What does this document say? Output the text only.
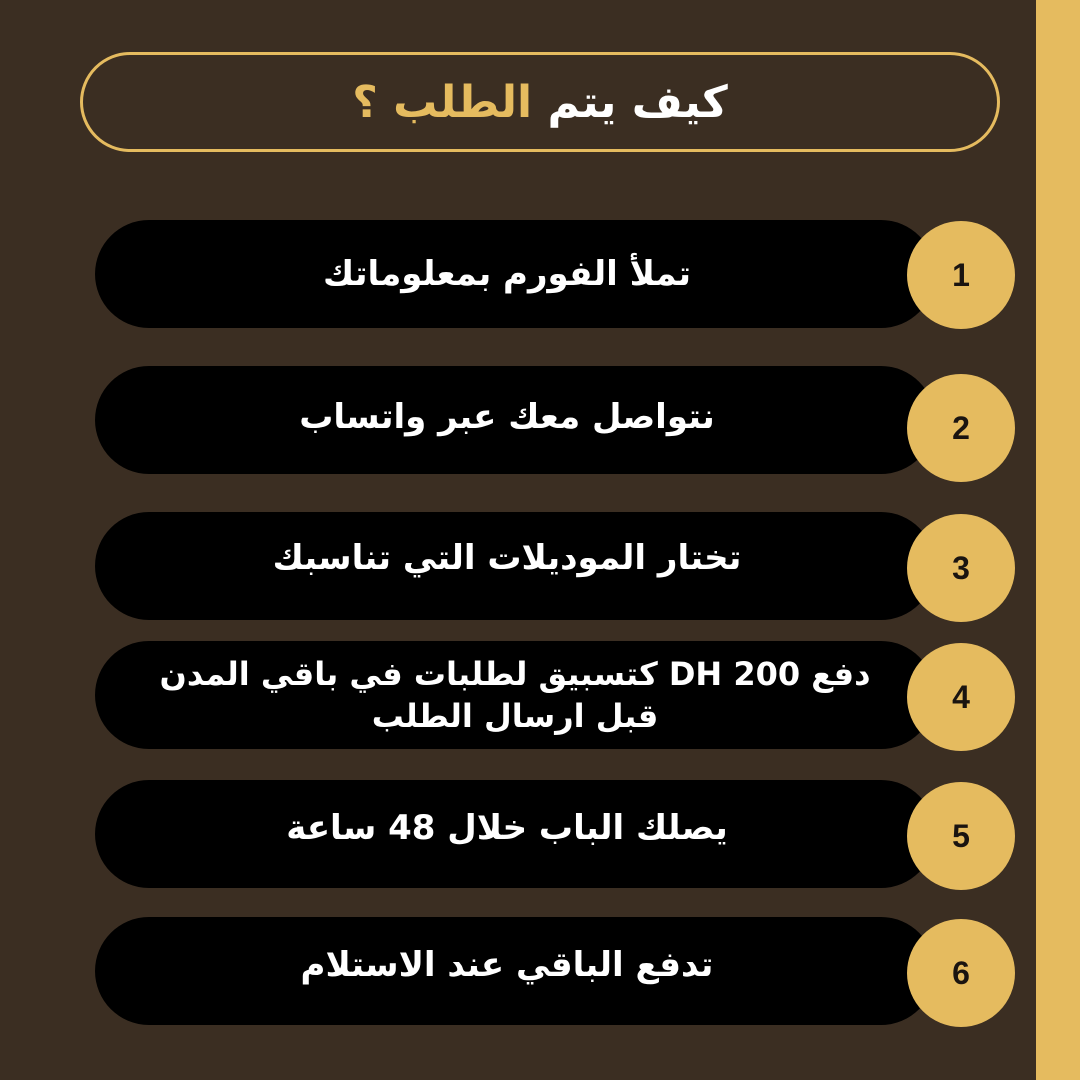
كيف يتم الطلب ؟
تملأ الفورم بمعلوماتك	1
نتواصل معك عبر واتساب	2
تختار الموديلات التي تناسبك	3
دفع DH 200 كتسبيق لطلبات في باقي المدن قبل ارسال الطلب
4
يصلك الباب خلال 48 ساعة	5
تدفع الباقي عند الاستلام	6
